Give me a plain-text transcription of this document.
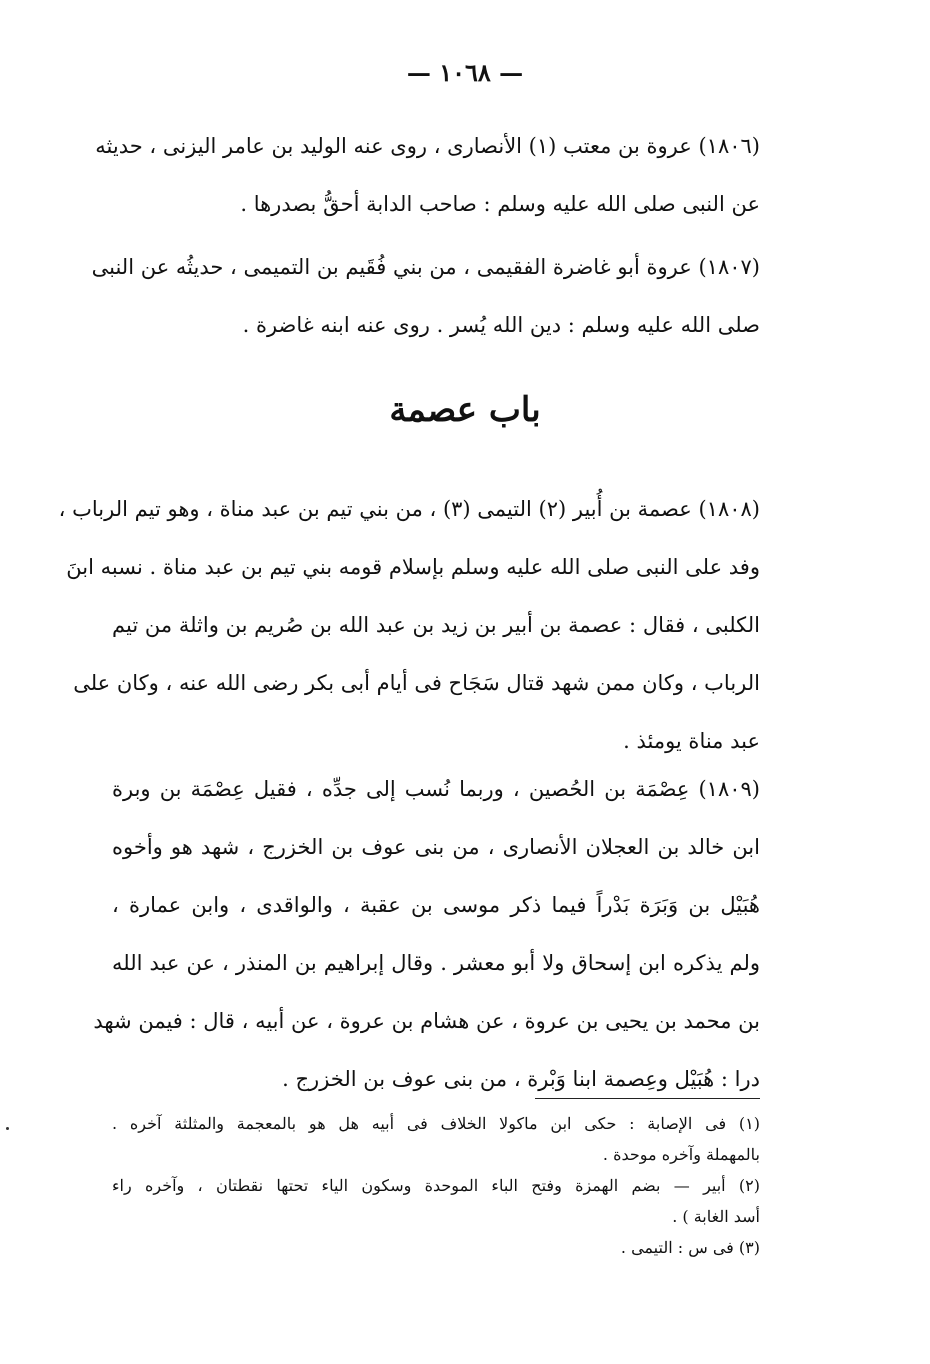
— ١٠٦٨ —
(١٨٠٦) عروة بن معتب (١) الأنصارى ، روى عنه الوليد بن عامر اليزنى ، حديثه
عن النبى صلى الله عليه وسلم : صاحب الدابة أحقُّ بصدرها .
(١٨٠٧) عروة أبو غاضرة الفقيمى ، من بني فُقَيم بن التميمى ، حديثُه عن النبى
صلى الله عليه وسلم : دين الله يُسر . روى عنه ابنه غاضرة .
باب عصمة
(١٨٠٨) عصمة بن أُبير (٢) التيمى (٣) ، من بني تيم بن عبد مناة ، وهو تيم الرباب ،
وفد على النبى صلى الله عليه وسلم بإسلام قومه بني تيم بن عبد مناة . نسبه ابنَ
الكلبى ، فقال : عصمة بن أبير بن زيد بن عبد الله بن صُريم بن واثلة من تيم
الرباب ، وكان ممن شهد قتال سَجَاح فى أيام أبى بكر رضى الله عنه ، وكان على
عبد مناة يومئذ .
(١٨٠٩) عِصْمَة بن الحُصين ، وربما نُسب إلى جدِّه ، فقيل عِصْمَة بن وبرة
ابن خالد بن العجلان الأنصارى ، من بنى عوف بن الخزرج ، شهد هو وأخوه
هُبَيْل بن وَبَرَة بَدْراً فيما ذكر موسى بن عقبة ، والواقدى ، وابن عمارة ،
ولم يذكره ابن إسحاق ولا أبو معشر . وقال إبراهيم بن المنذر ، عن عبد الله
بن محمد بن يحيى بن عروة ، عن هشام بن عروة ، عن أبيه ، قال : فيمن شهد
درا : هُبَيْل وعِصمة ابنا وَبْرة ، من بنى عوف بن الخزرج .
(١) فى الإصابة : حكى ابن ماكولا الخلاف فى أبيه هل هو بالمعجمة والمثلثة آخره .
بالمهملة وآخره موحدة .
(٢) أبير — بضم الهمزة وفتح الباء الموحدة وسكون الياء تحتها نقطتان ، وآخره راء
أسد الغابة ) .
(٣) فى س : التيمى .
